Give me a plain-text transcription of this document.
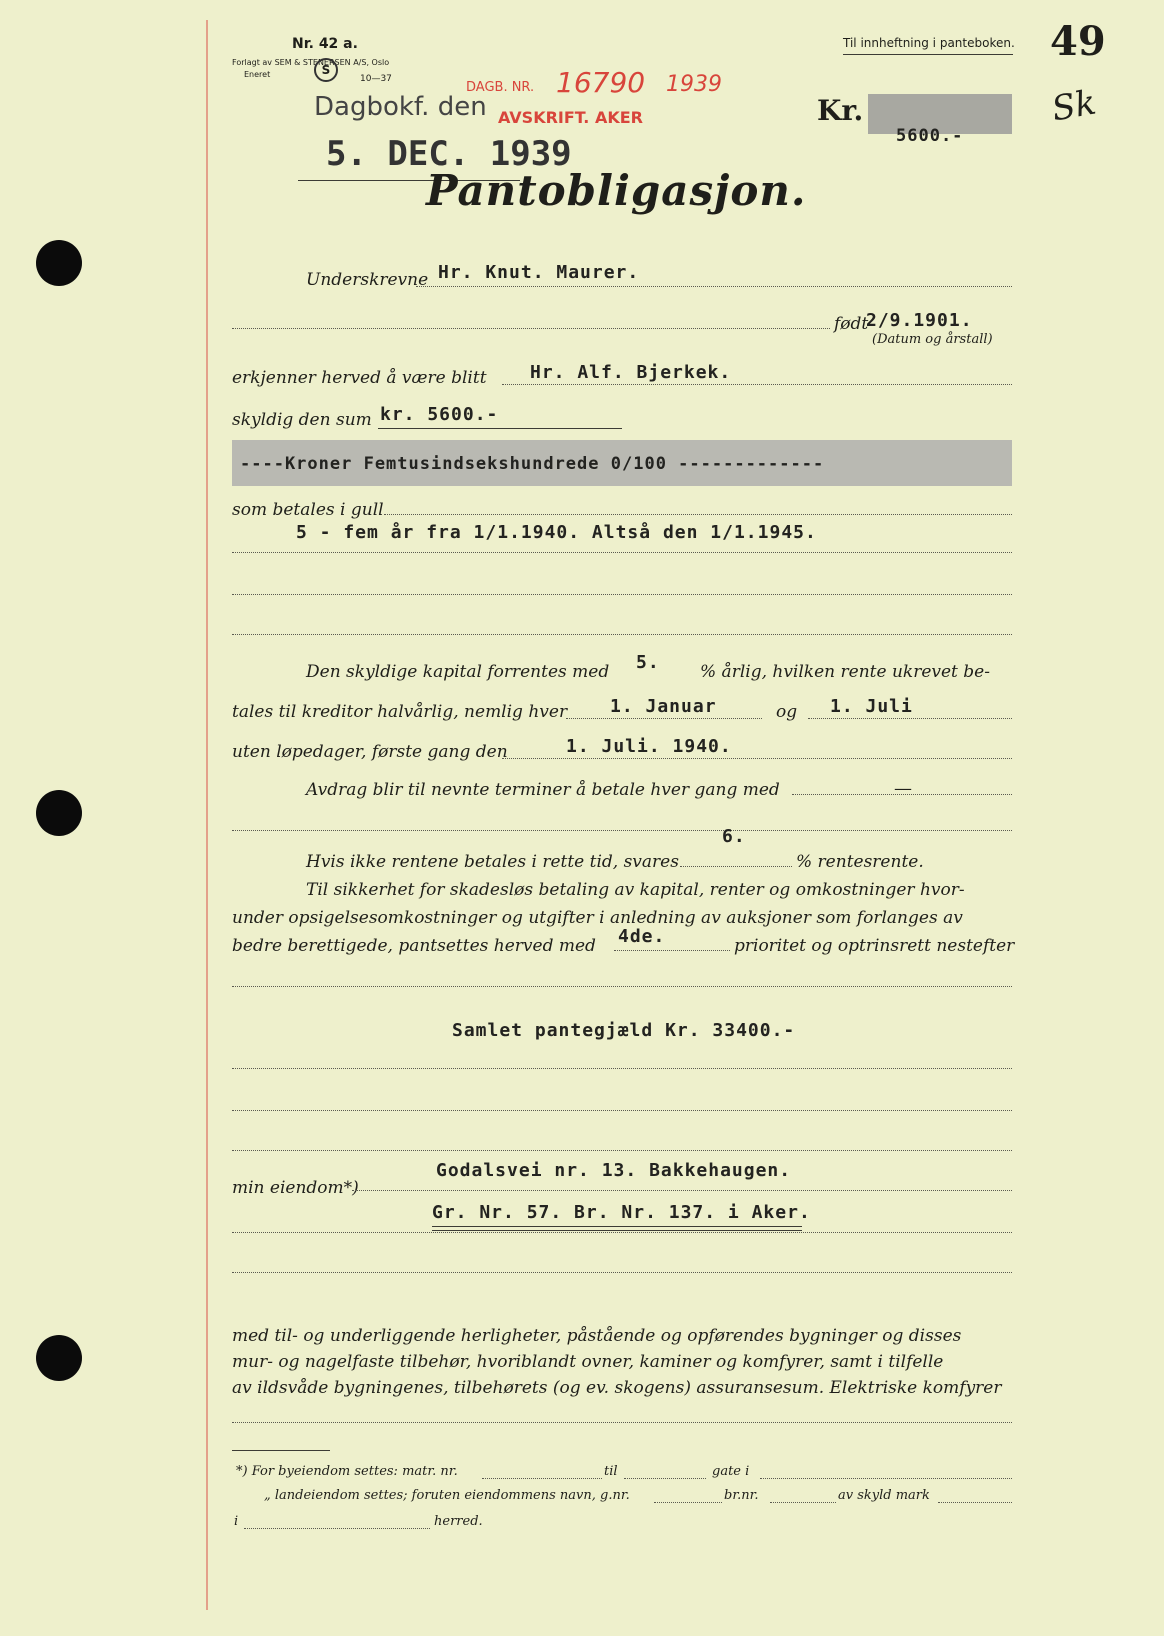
Nr. 42 a.
Forlagt av SEM & STENERSEN A/S, Oslo
Eneret	S
10—37
Til innheftning i panteboken. 49
Sk
DAGB. NR. 16790 1939
AVSKRIFT. AKER
Dagbokf. den
5. DEC. 1939
Kr.
5600.-
Pantobligasjon.
Underskrevne Hr. Knut. Maurer.
født
2/9.1901.
(Datum og årstall)
erkjenner herved å være blitt Hr. Alf. Bjerkek.
skyldig den sum kr. 5600.-
----Kroner Femtusindsekshundrede 0/100 -------------
som betales i gull
5 - fem år fra 1/1.1940. Altså den 1/1.1945.
Den skyldige kapital forrentes med 5. % årlig, hvilken rente ukrevet be-
tales til kreditor halvårlig, nemlig hver 1. Januar	og 1. Juli
uten løpedager, første gang den	1. Juli. 1940.
Avdrag blir til nevnte terminer å betale hver gang med	—
Hvis ikke rentene betales i rette tid, svares
6.
% rentesrente.
Til sikkerhet for skadesløs betaling av kapital, renter og omkostninger hvor-
under opsigelsesomkostninger og utgifter i anledning av auksjoner som forlanges av
bedre berettigede, pantsettes herved med 4de.	prioritet og optrinsrett nestefter
Samlet pantegjæld Kr. 33400.-
Godalsvei nr. 13. Bakkehaugen.
min eiendom*)
Gr. Nr. 57. Br. Nr. 137. i Aker.
med til- og underliggende herligheter, påstående og opførendes bygninger og disses
mur- og nagelfaste tilbehør, hvoriblandt ovner, kaminer og komfyrer, samt i tilfelle
av ildsvåde bygningenes, tilbehørets (og ev. skogens) assuransesum. Elektriske komfyrer
*) For byeiendom settes: matr. nr.	til	gate i
„ landeiendom settes; foruten eiendommens navn, g.nr.	br.nr.	av skyld mark
i	herred.
